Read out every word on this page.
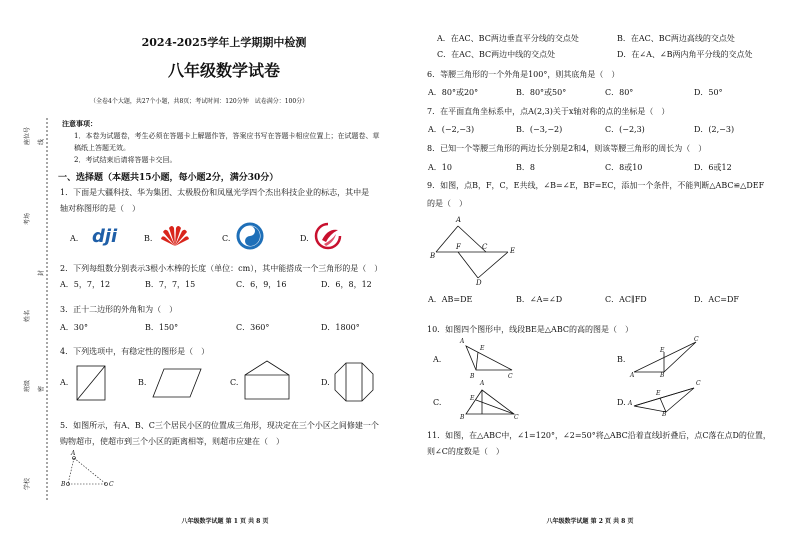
座位号	线
考场
封
姓名
密
班级
学校
2024-2025学年上学期期中检测
八年级数学试卷
（全卷4个大题，共27个小题，共8页；考试时间：120分钟　试卷满分：100分）
注意事项：
1．本卷为试题卷，考生必须在答题卡上解题作答，答案应书写在答题卡相应位置上；在试题卷、草
稿纸上答题无效。
2．考试结束后请将答题卡交回。
一、选择题（本题共15小题，每小题2分，满分30分）
1．下面是大疆科技、华为集团、太极股份和凤凰光学四个杰出科技企业的标志，其中是
轴对称图形的是（　）
A. dji	B.	C.	D.
2．下列每组数分别表示3根小木棒的长度（单位：cm），其中能搭成一个三角形的是（　）
A．5，7，12	B．7，7，15	C．6，9，16	D．6，8，12
3．正十二边形的外角和为（　）
A．30°	B．150°	C．360°	D．1800°
4．下列选项中，有稳定性的图形是（　）
A.	B.	C.	D.
5．如图所示，有A、B、C三个居民小区的位置成三角形，现决定在三个小区之间修建一个
购物超市，使超市到三个小区的距离相等，则超市应建在（　）
A
B	C
八年级数学试题 第 1 页 共 8 页
A．在AC、BC两边垂直平分线的交点处	B．在AC、BC两边高线的交点处
C．在AC、BC两边中线的交点处	D．在∠A、∠B两内角平分线的交点处
6．等腰三角形的一个外角是100°，则其底角是（　）
A．80°或20°	B．80°或50°	C．80°	D．50°
7．在平面直角坐标系中，点A(2,3)关于x轴对称的点的坐标是（　）
A．(−2,−3)	B．(−3,−2)	C．(−2,3)	D．(2,−3)
8．已知一个等腰三角形的两边长分别是2和4，则该等腰三角形的周长为（　）
A．10	B．8	C．8或10	D．6或12
9．如图，点B，F，C，E共线，∠B=∠E，BF=EC，添加一个条件，不能判断△ABC≌△DEF
的是（　）
A
B
F	C	E
D
A．AB=DE	B．∠A=∠D	C．AC∥FD	D．AC=DF
10．如图四个图形中，线段BE是△ABC的高的图是（　）
A.
A
E
B	C
B.
A
E
B
C
C.
A
E
B	C
D. A
E
B
C
11．如图，在△ABC中，∠1=120°，∠2=50°将△ABC沿着直线l折叠后，点C落在点D的位置，
则∠C的度数是（　）
八年级数学试题 第 2 页 共 8 页
